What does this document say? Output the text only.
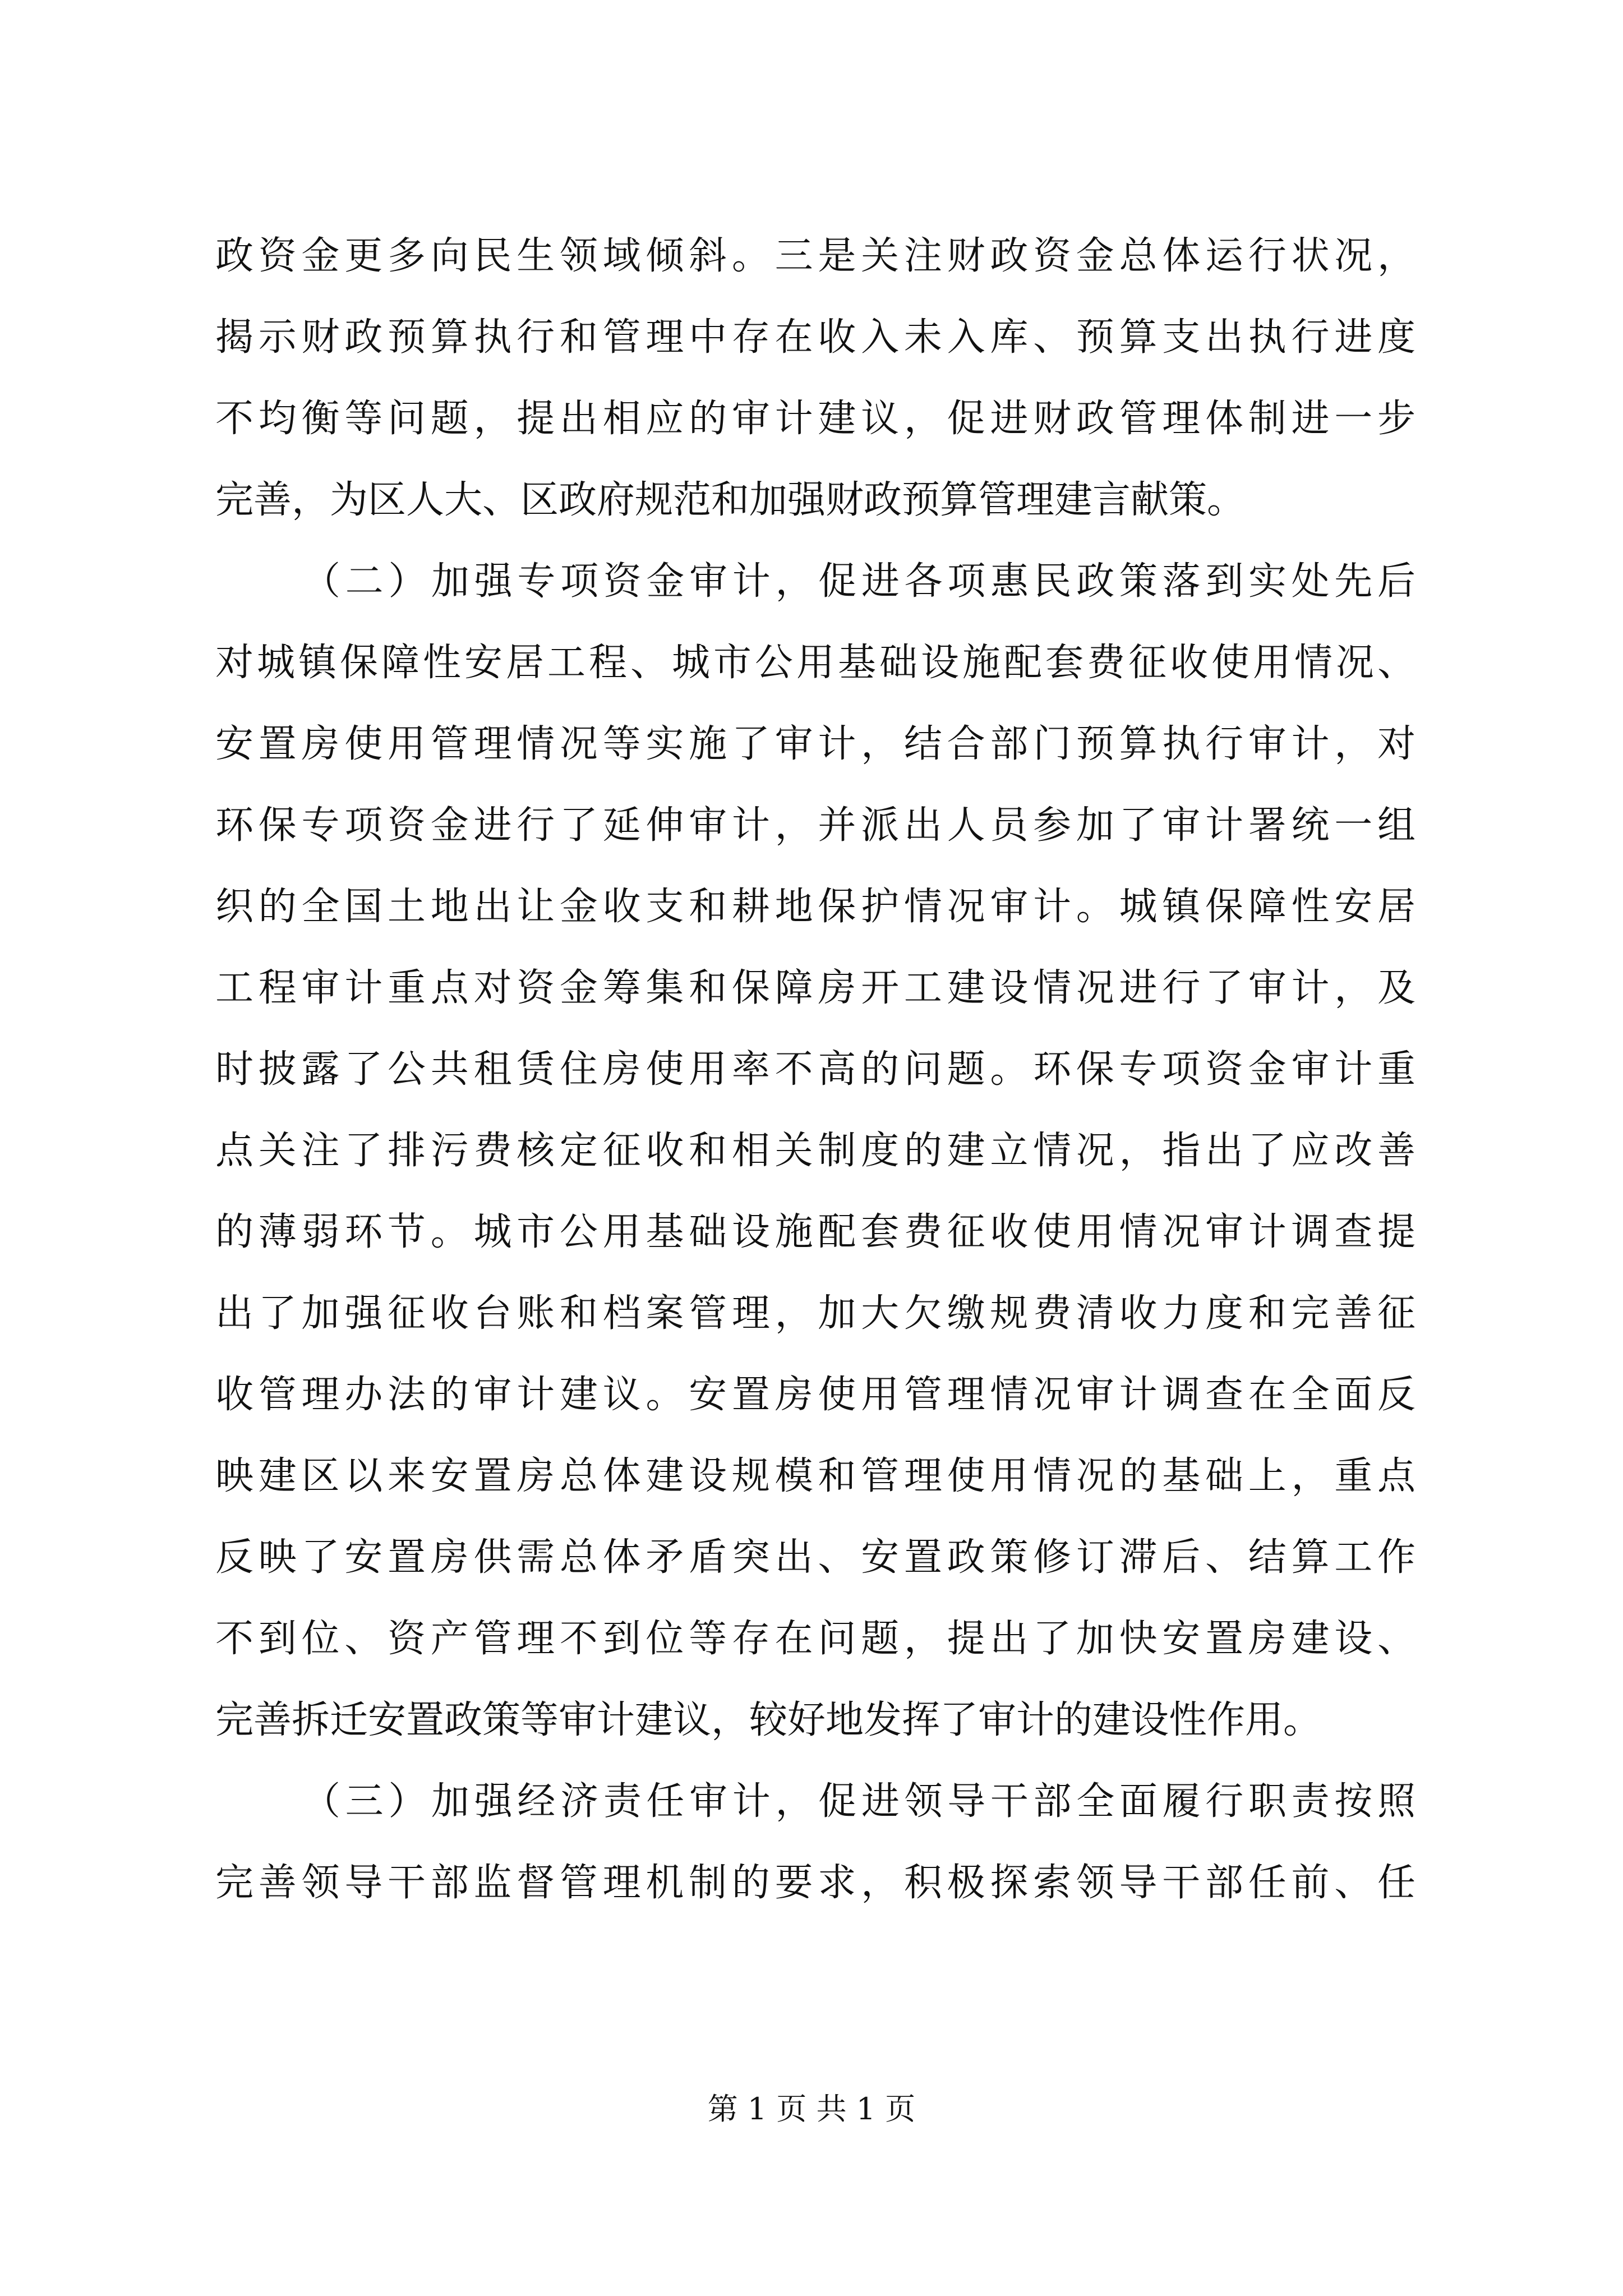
政资金更多向民生领域倾斜。三是关注财政资金总体运行状况，
揭示财政预算执行和管理中存在收入未入库、预算支出执行进度
不均衡等问题，提出相应的审计建议，促进财政管理体制进一步
完善，为区人大、区政府规范和加强财政预算管理建言献策。
（二）加强专项资金审计，促进各项惠民政策落到实处先后
对城镇保障性安居工程、城市公用基础设施配套费征收使用情况、
安置房使用管理情况等实施了审计，结合部门预算执行审计，对
环保专项资金进行了延伸审计，并派出人员参加了审计署统一组
织的全国土地出让金收支和耕地保护情况审计。城镇保障性安居
工程审计重点对资金筹集和保障房开工建设情况进行了审计，及
时披露了公共租赁住房使用率不高的问题。环保专项资金审计重
点关注了排污费核定征收和相关制度的建立情况，指出了应改善
的薄弱环节。城市公用基础设施配套费征收使用情况审计调查提
出了加强征收台账和档案管理，加大欠缴规费清收力度和完善征
收管理办法的审计建议。安置房使用管理情况审计调查在全面反
映建区以来安置房总体建设规模和管理使用情况的基础上，重点
反映了安置房供需总体矛盾突出、安置政策修订滞后、结算工作
不到位、资产管理不到位等存在问题，提出了加快安置房建设、
完善拆迁安置政策等审计建议，较好地发挥了审计的建设性作用。
（三）加强经济责任审计，促进领导干部全面履行职责按照
完善领导干部监督管理机制的要求，积极探索领导干部任前、任
第 1 页 共 1 页
